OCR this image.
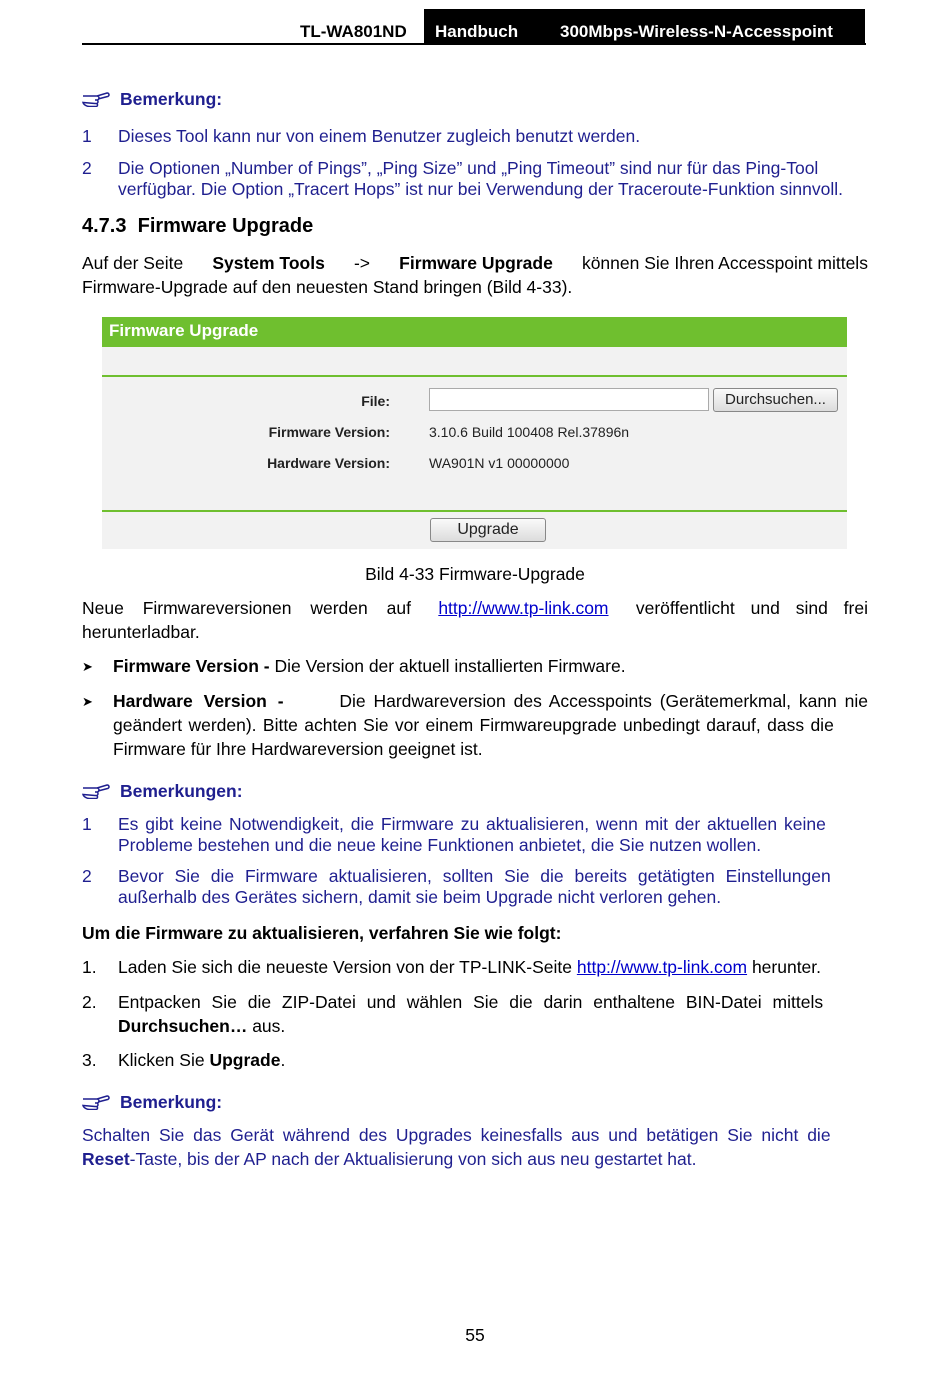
TL-WA801ND Handbuch 300Mbps-Wireless-N-Accesspoint
Bemerkung:
1 Dieses Tool kann nur von einem Benutzer zugleich benutzt werden.
2 Die Optionen „Number of Pings”, „Ping Size” und „Ping Timeout” sind nur für das Ping-Tool
verfügbar. Die Option „Tracert Hops” ist nur bei Verwendung der Traceroute-Funktion sinnvoll.
4.7.3 Firmware Upgrade
Auf der Seite System Tools -> Firmware Upgrade können Sie Ihren Accesspoint mittels
Firmware-Upgrade auf den neuesten Stand bringen (Bild 4-33).
Firmware Upgrade
File:	Durchsuchen...
Firmware Version:	3.10.6 Build 100408 Rel.37896n
Hardware Version:	WA901N v1 00000000
Upgrade
Bild 4-33 Firmware-Upgrade
Neue Firmwareversionen werden auf http://www.tp-link.com veröffentlicht und sind frei
herunterladbar.
➤ Firmware Version - Die Version der aktuell installierten Firmware.
➤ Hardware Version -	Die Hardwareversion des Accesspoints (Gerätemerkmal, kann nie
geändert werden). Bitte achten Sie vor einem Firmwareupgrade unbedingt darauf, dass die
Firmware für Ihre Hardwareversion geeignet ist.
Bemerkungen:
1 Es gibt keine Notwendigkeit, die Firmware zu aktualisieren, wenn mit der aktuellen keine
Probleme bestehen und die neue keine Funktionen anbietet, die Sie nutzen wollen.
2 Bevor Sie die Firmware aktualisieren, sollten Sie die bereits getätigten Einstellungen
außerhalb des Gerätes sichern, damit sie beim Upgrade nicht verloren gehen.
Um die Firmware zu aktualisieren, verfahren Sie wie folgt:
1. Laden Sie sich die neueste Version von der TP-LINK-Seite http://www.tp-link.com herunter.
2. Entpacken Sie die ZIP-Datei und wählen Sie die darin enthaltene BIN-Datei mittels
Durchsuchen… aus.
3. Klicken Sie Upgrade.
Bemerkung:
Schalten Sie das Gerät während des Upgrades keinesfalls aus und betätigen Sie nicht die
Reset-Taste, bis der AP nach der Aktualisierung von sich aus neu gestartet hat.
55
